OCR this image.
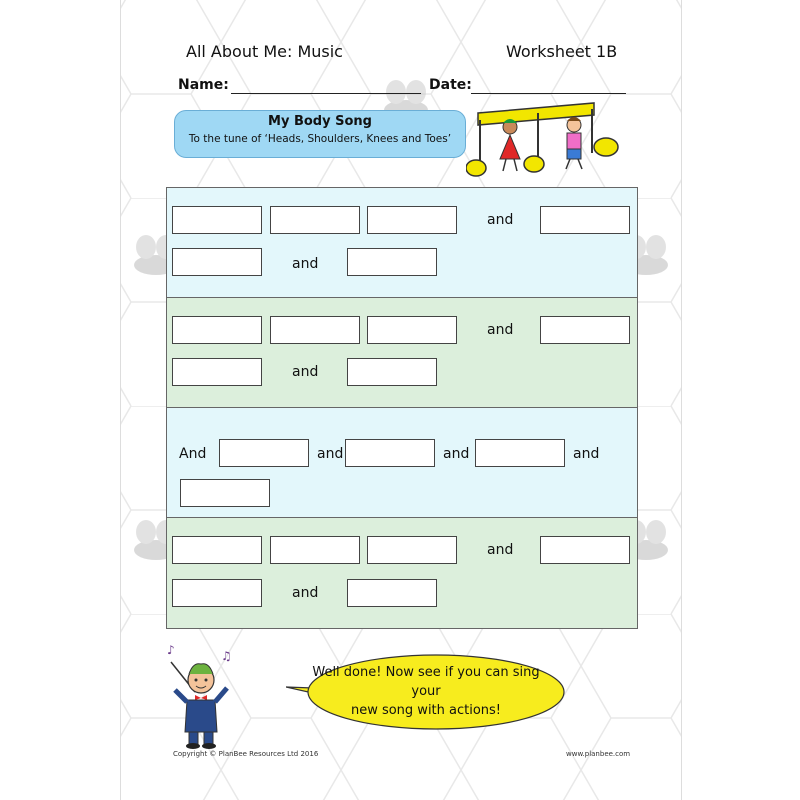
All About Me: Music	Worksheet 1B
Name:	Date:
My Body Song
To the tune of ‘Heads, Shoulders, Knees and Toes’
and
and
and
and
And	and	and	and
and
and
♪	♫
Well done! Now see if you can sing your
new song with actions!
Copyright © PlanBee Resources Ltd 2016	www.planbee.com
